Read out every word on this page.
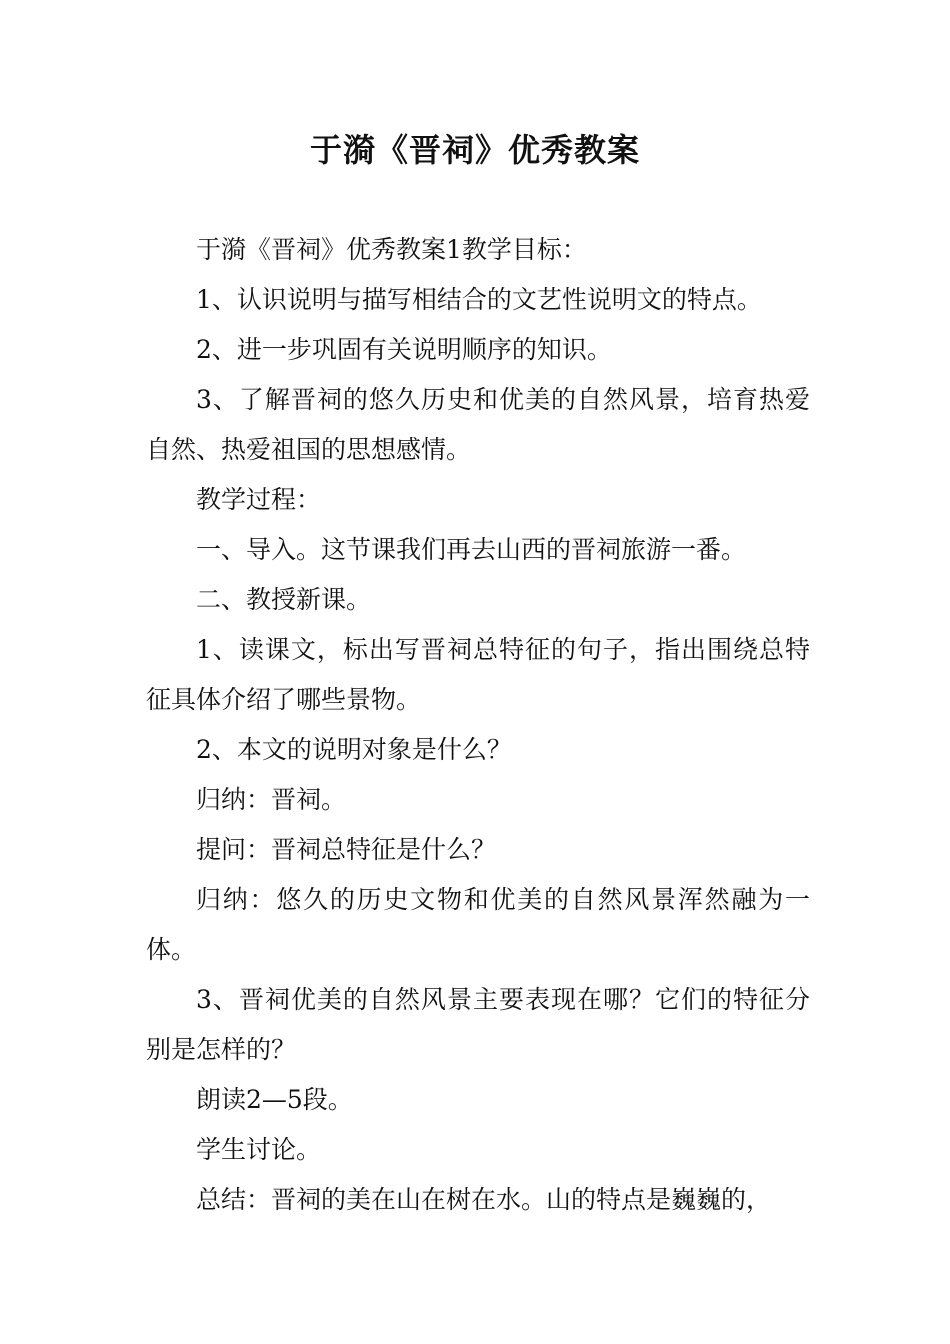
于漪《晋祠》优秀教案

于漪《晋祠》优秀教案1教学目标：

1、认识说明与描写相结合的文艺性说明文的特点。

2、进一步巩固有关说明顺序的知识。

3、了解晋祠的悠久历史和优美的自然风景，培育热爱自然、热爱祖国的思想感情。

教学过程：

一、导入。这节课我们再去山西的晋祠旅游一番。

二、教授新课。

1、读课文，标出写晋祠总特征的句子，指出围绕总特征具体介绍了哪些景物。

2、本文的说明对象是什么？

归纳：晋祠。

提问：晋祠总特征是什么？

归纳：悠久的历史文物和优美的自然风景浑然融为一体。

3、晋祠优美的自然风景主要表现在哪？它们的特征分别是怎样的？

朗读2—5段。

学生讨论。

总结：晋祠的美在山在树在水。山的特点是巍巍的，
